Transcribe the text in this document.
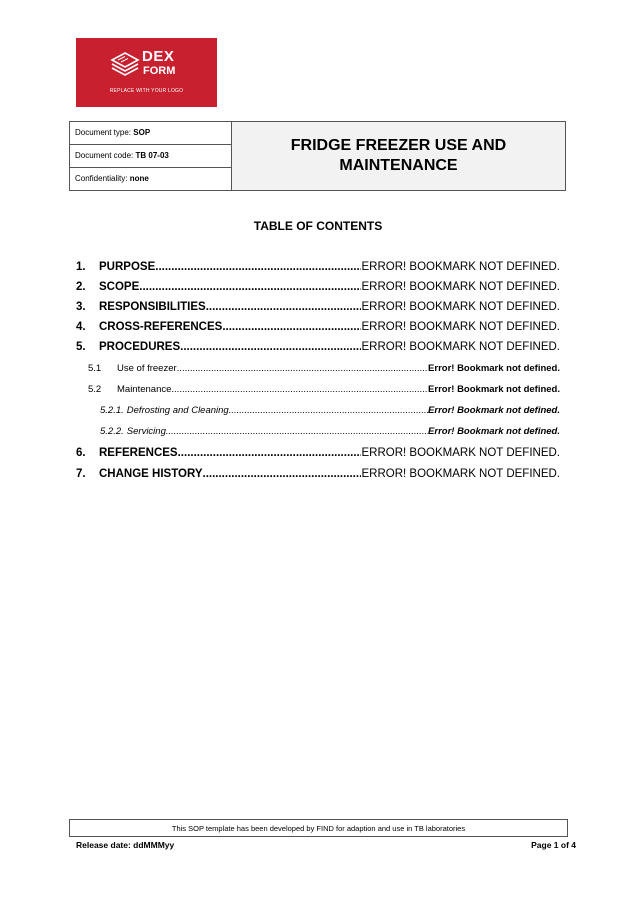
DEX
FORM
REPLACE WITH YOUR LOGO
Document type: SOP
Document code: TB 07-03
Confidentiality: none
FRIDGE FREEZER USE AND
MAINTENANCE
TABLE OF CONTENTS
1.	PURPOSE .....	ERROR! BOOKMARK NOT DEFINED.
2.	SCOPE .....	ERROR! BOOKMARK NOT DEFINED.
3.	RESPONSIBILITIES .....	ERROR! BOOKMARK NOT DEFINED.
4.	CROSS-REFERENCES .....	ERROR! BOOKMARK NOT DEFINED.
5.	PROCEDURES .....	ERROR! BOOKMARK NOT DEFINED.
5.1	Use of freezer .....	Error! Bookmark not defined.
5.2	Maintenance .....	Error! Bookmark not defined.
5.2.1. Defrosting and Cleaning .....	Error! Bookmark not defined.
5.2.2. Servicing .....	Error! Bookmark not defined.
6.	REFERENCES .....	ERROR! BOOKMARK NOT DEFINED.
7.	CHANGE HISTORY .....	ERROR! BOOKMARK NOT DEFINED.
This SOP template has been developed by FIND for adaption and use in TB laboratories
Release date: ddMMMyy	Page 1 of 4
